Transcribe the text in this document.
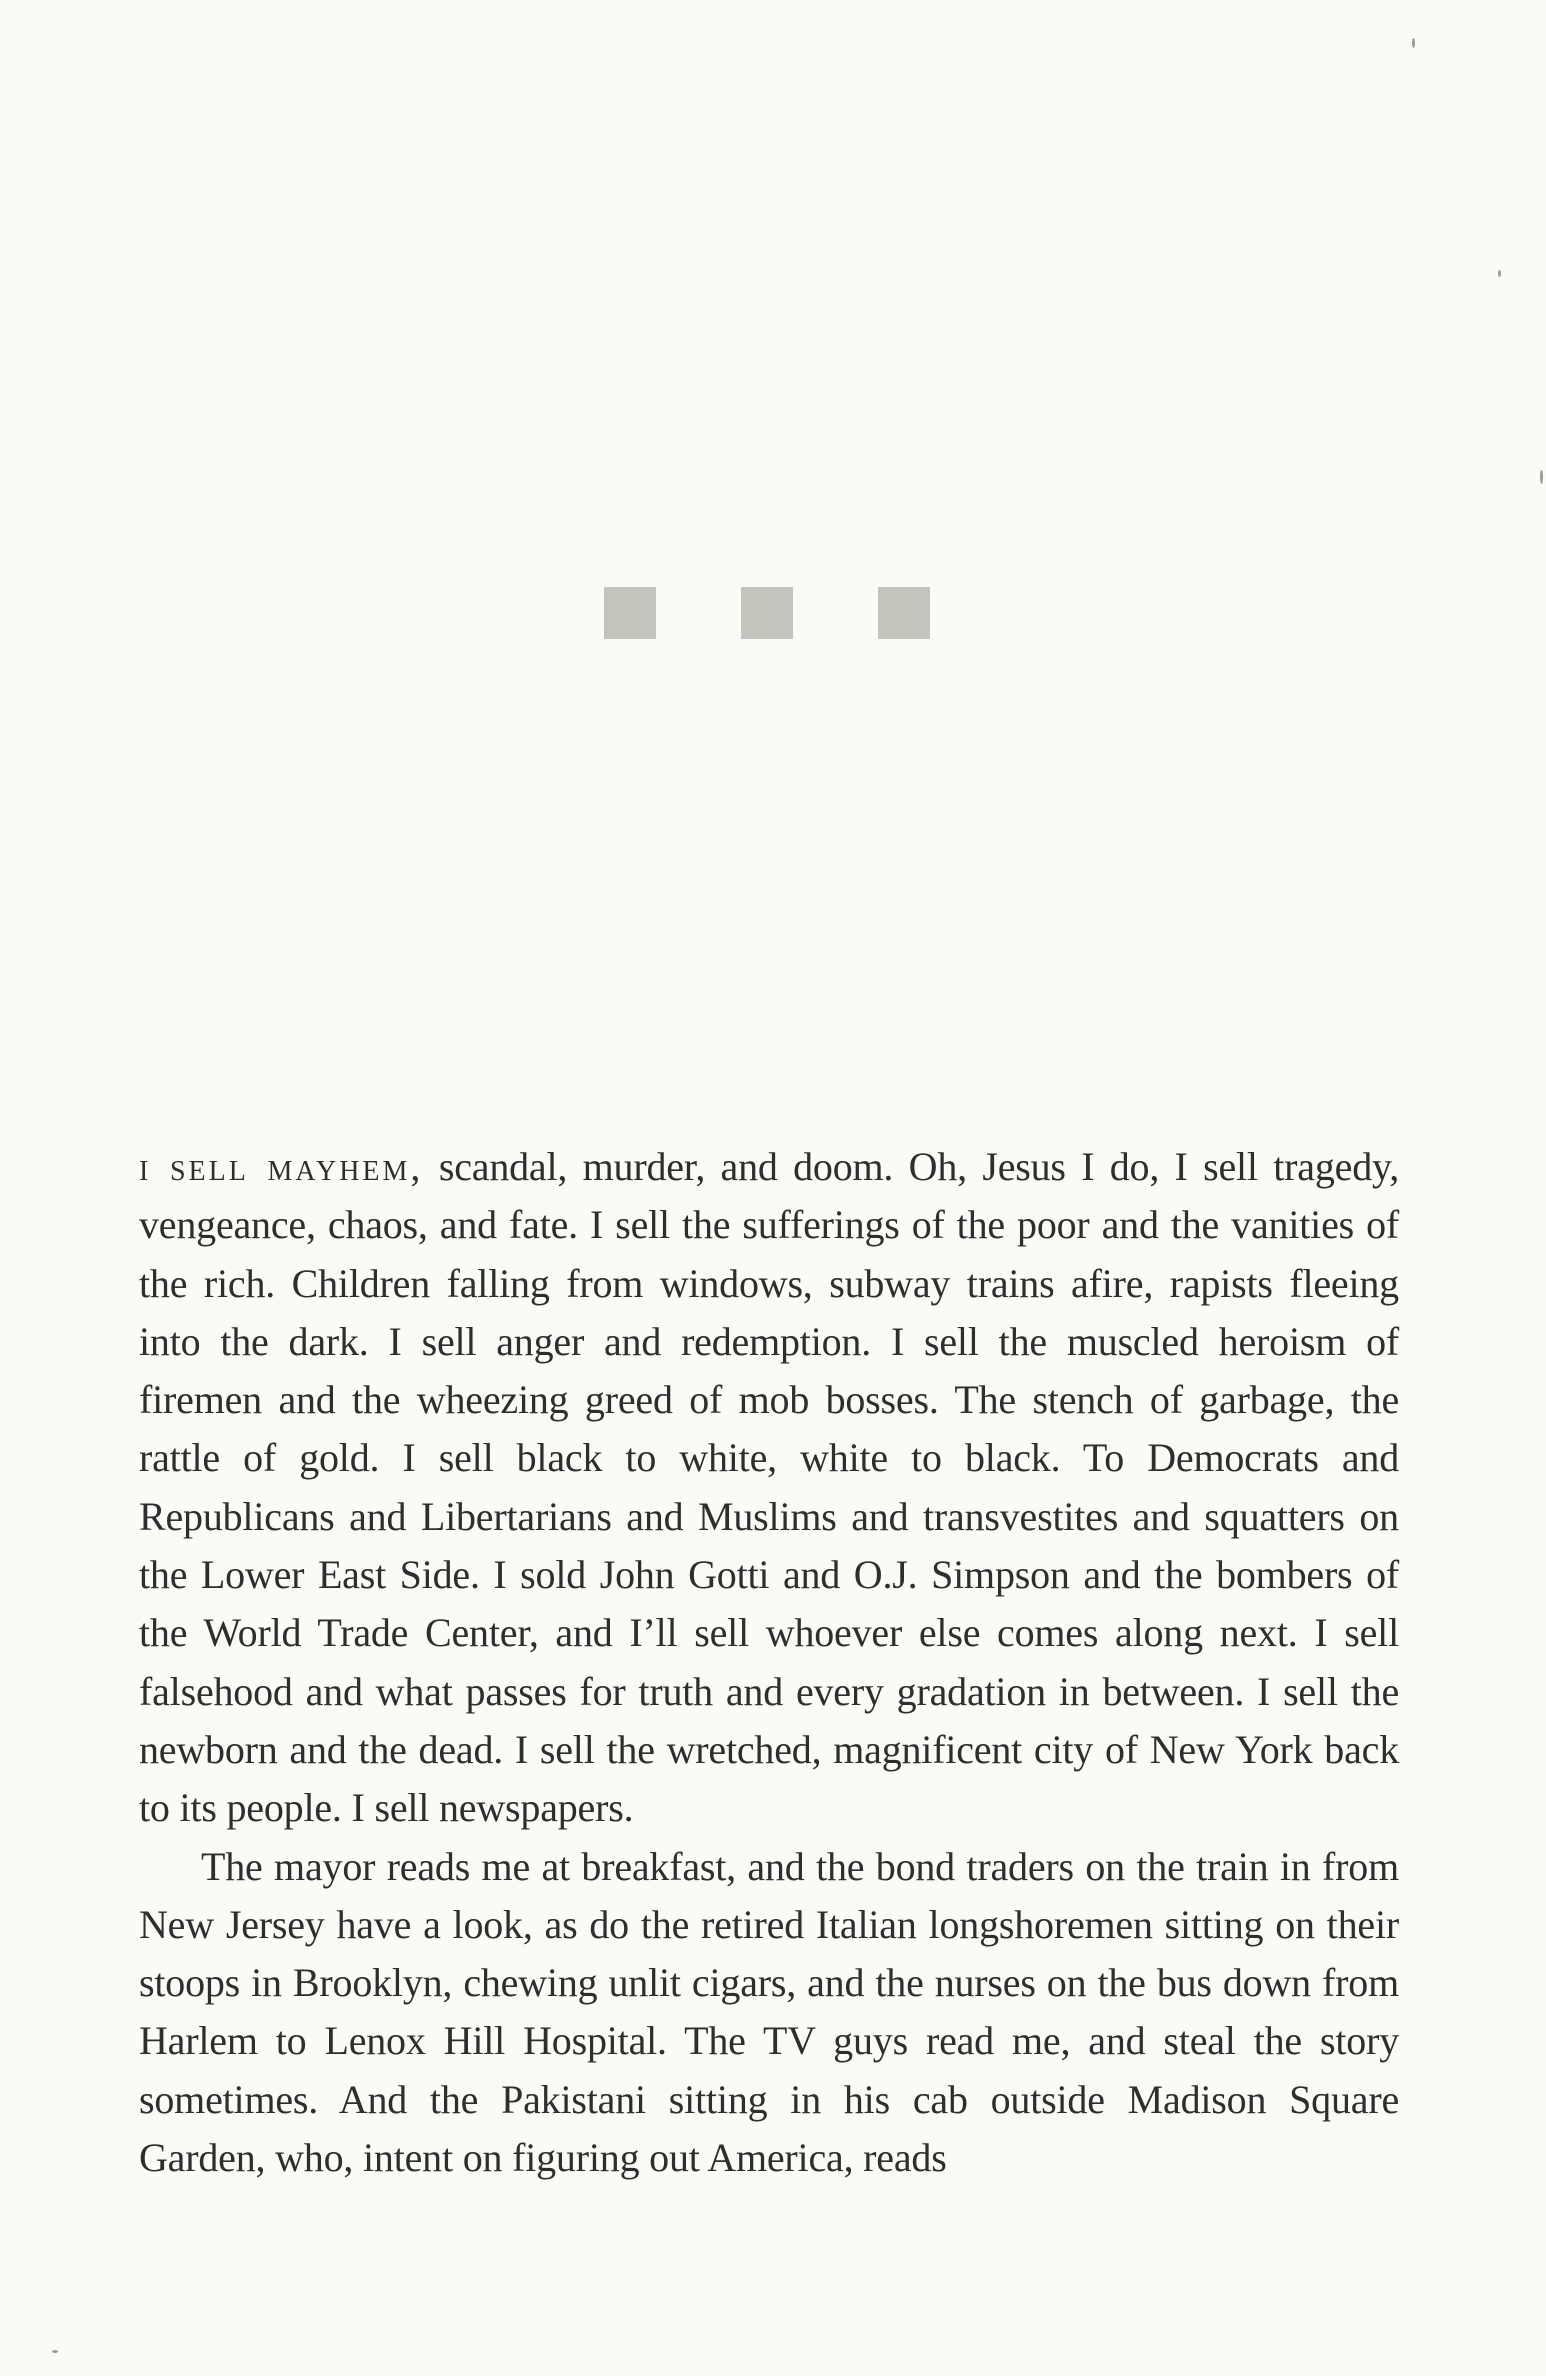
i sell mayhem, scandal, murder, and doom. Oh, Jesus I do, I sell tragedy, vengeance, chaos, and fate. I sell the sufferings of the poor and the vanities of the rich. Children falling from windows, subway trains afire, rapists fleeing into the dark. I sell anger and redemption. I sell the muscled heroism of firemen and the wheezing greed of mob bosses. The stench of garbage, the rattle of gold. I sell black to white, white to black. To Democrats and Republicans and Libertarians and Muslims and transvestites and squatters on the Lower East Side. I sold John Gotti and O.J. Simpson and the bombers of the World Trade Center, and I’ll sell whoever else comes along next. I sell falsehood and what passes for truth and every gradation in between. I sell the newborn and the dead. I sell the wretched, magnificent city of New York back to its people. I sell newspapers.

The mayor reads me at breakfast, and the bond traders on the train in from New Jersey have a look, as do the retired Italian longshoremen sitting on their stoops in Brooklyn, chewing unlit cigars, and the nurses on the bus down from Harlem to Lenox Hill Hospital. The TV guys read me, and steal the story sometimes. And the Pakistani sitting in his cab outside Madison Square Garden, who, intent on figuring out America, reads
